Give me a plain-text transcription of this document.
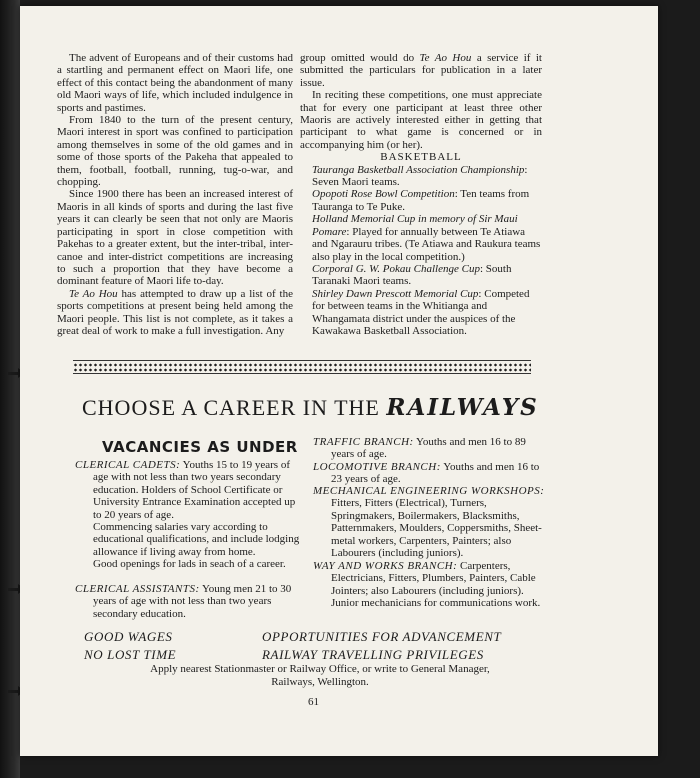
The advent of Europeans and of their customs had a startling and permanent effect on Maori life, one effect of this contact being the abandonment of many old Maori ways of life, which included indulgence in sports and pastimes.

From 1840 to the turn of the present century, Maori interest in sport was confined to participation among themselves in some of the old games and in some of those sports of the Pakeha that appealed to them, football, football, running, tug-o-war, and chopping.

Since 1900 there has been an increased interest of Maoris in all kinds of sports and during the last five years it can clearly be seen that not only are Maoris participating in sport in close competition with Pakehas to a greater extent, but the inter-tribal, inter-canoe and inter-district competitions are increasing to such a proportion that they have become a dominant feature of Maori life to-day.

Te Ao Hou has attempted to draw up a list of the sports competitions at present being held among the Maori people. This list is not complete, as it takes a great deal of work to make a full investigation. Any

group omitted would do Te Ao Hou a service if it submitted the particulars for publication in a later issue.

In reciting these competitions, one must appreciate that for every one participant at least three other Maoris are actively interested either in getting that participant to what game is concerned or in accompanying him (or her).

BASKETBALL

Tauranga Basketball Association Championship: Seven Maori teams.

Opopoti Rose Bowl Competition: Ten teams from Tauranga to Te Puke.

Holland Memorial Cup in memory of Sir Maui Pomare: Played for annually between Te Atiawa and Ngarauru tribes. (Te Atiawa and Raukura teams also play in the local competition.)

Corporal G. W. Pokau Challenge Cup: South Taranaki Maori teams.

Shirley Dawn Prescott Memorial Cup: Competed for between teams in the Whitianga and Whangamata district under the auspices of the Kawakawa Basketball Association.

CHOOSE A CAREER IN THE RAILWAYS
VACANCIES AS UNDER

CLERICAL CADETS: Youths 15 to 19 years of age with not less than two years secondary education. Holders of School Certificate or University Entrance Examination accepted up to 20 years of age.

Commencing salaries vary according to educational qualifications, and include lodging allowance if living away from home.

Good openings for lads in seach of a career.

CLERICAL ASSISTANTS: Young men 21 to 30 years of age with not less than two years secondary education.

TRAFFIC BRANCH: Youths and men 16 to 89 years of age.

LOCOMOTIVE BRANCH: Youths and men 16 to 23 years of age.

MECHANICAL ENGINEERING WORKSHOPS: Fitters, Fitters (Electrical), Turners, Springmakers, Boilermakers, Blacksmiths, Patternmakers, Moulders, Coppersmiths, Sheet-metal workers, Carpenters, Painters; also Labourers (including juniors).

WAY AND WORKS BRANCH: Carpenters, Electricians, Fitters, Plumbers, Painters, Cable Jointers; also Labourers (including juniors). Junior mechanicians for communications work.

GOOD WAGES
NO LOST TIME
OPPORTUNITIES FOR ADVANCEMENT
RAILWAY TRAVELLING PRIVILEGES
Apply nearest Stationmaster or Railway Office, or write to General Manager, Railways, Wellington.
61
